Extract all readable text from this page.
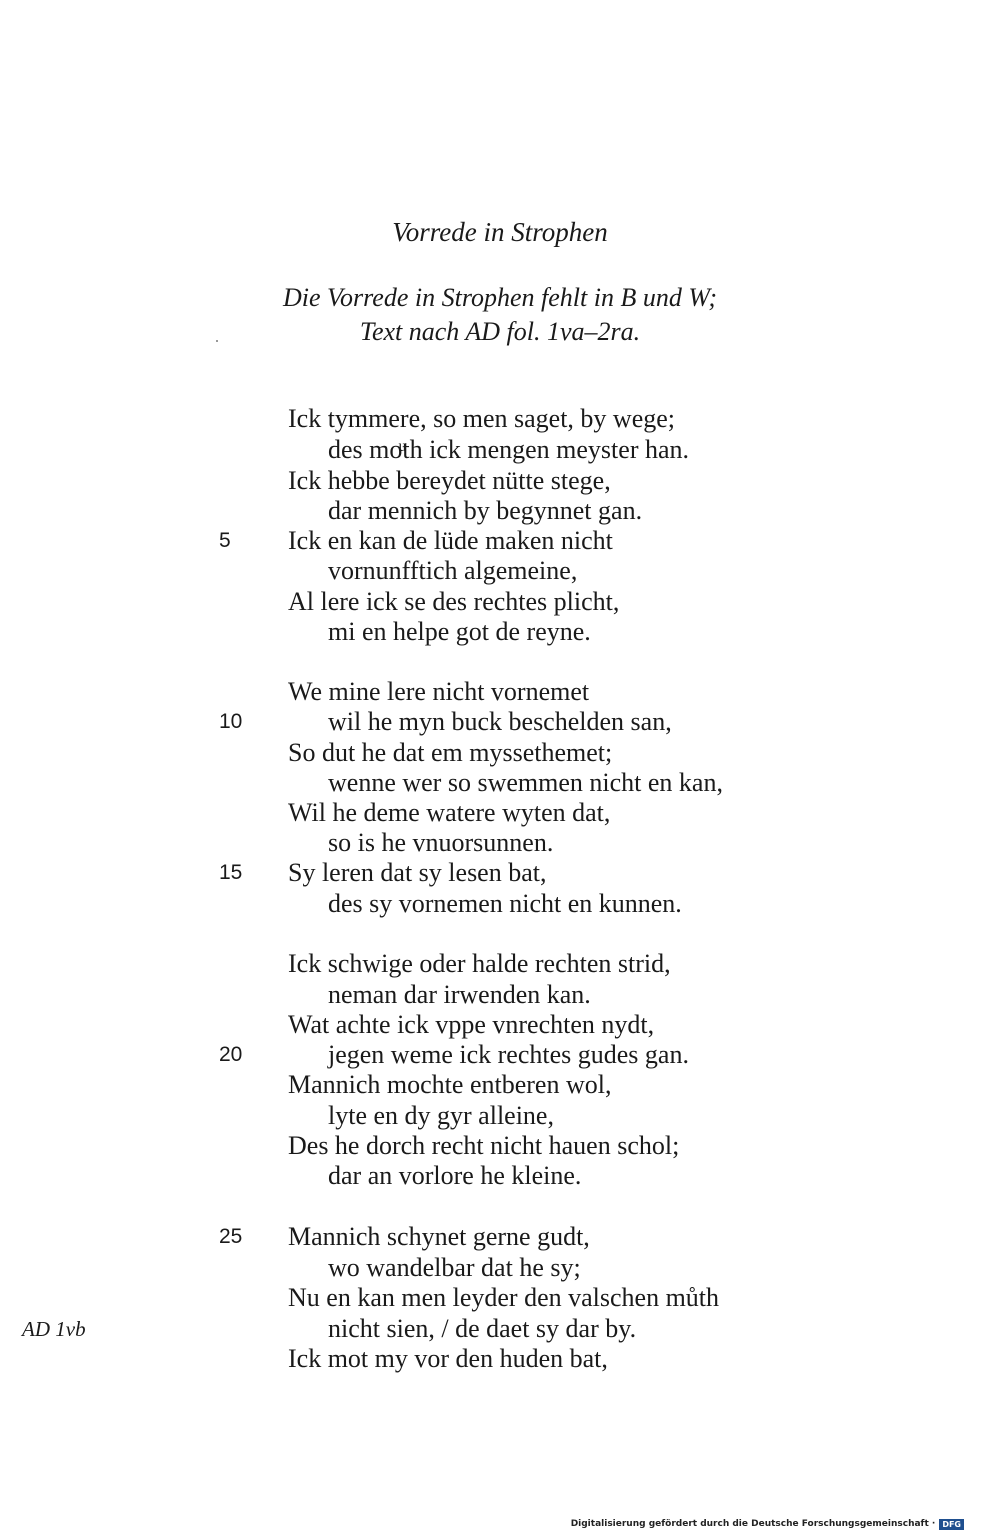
Vorrede in Strophen

Die Vorrede in Strophen fehlt in B und W;

Text nach AD fol. 1va–2ra.

Ick tymmere, so men saget, by wege;
des moͧth ick mengen meyster han.
Ick hebbe bereydet nütte stege,
dar mennich by begynnet gan.
5 Ick en kan de lüde maken nicht
vornunfftich algemeine,
Al lere ick se des rechtes plicht,
mi en helpe got de reyne.
We mine lere nicht vornemet
10	wil he myn buck beschelden san,
So dut he dat em myssethemet;
wenne wer so swemmen nicht en kan,
Wil he deme watere wyten dat,
so is he vnuorsunnen.
15 Sy leren dat sy lesen bat,
des sy vornemen nicht en kunnen.
Ick schwige oder halde rechten strid,
neman dar irwenden kan.
Wat achte ick vppe vnrechten nydt,
20	jegen weme ick rechtes gudes gan.
Mannich mochte entberen wol,
lyte en dy gyr alleine,
Des he dorch recht nicht hauen schol;
dar an vorlore he kleine.
25 Mannich schynet gerne gudt,
wo wandelbar dat he sy;
Nu en kan men leyder den valschen můth
nicht sien, / de daet sy dar by.
Ick mot my vor den huden bat,
AD 1vb
Digitalisierung gefördert durch die Deutsche Forschungsgemeinschaft · DFG
